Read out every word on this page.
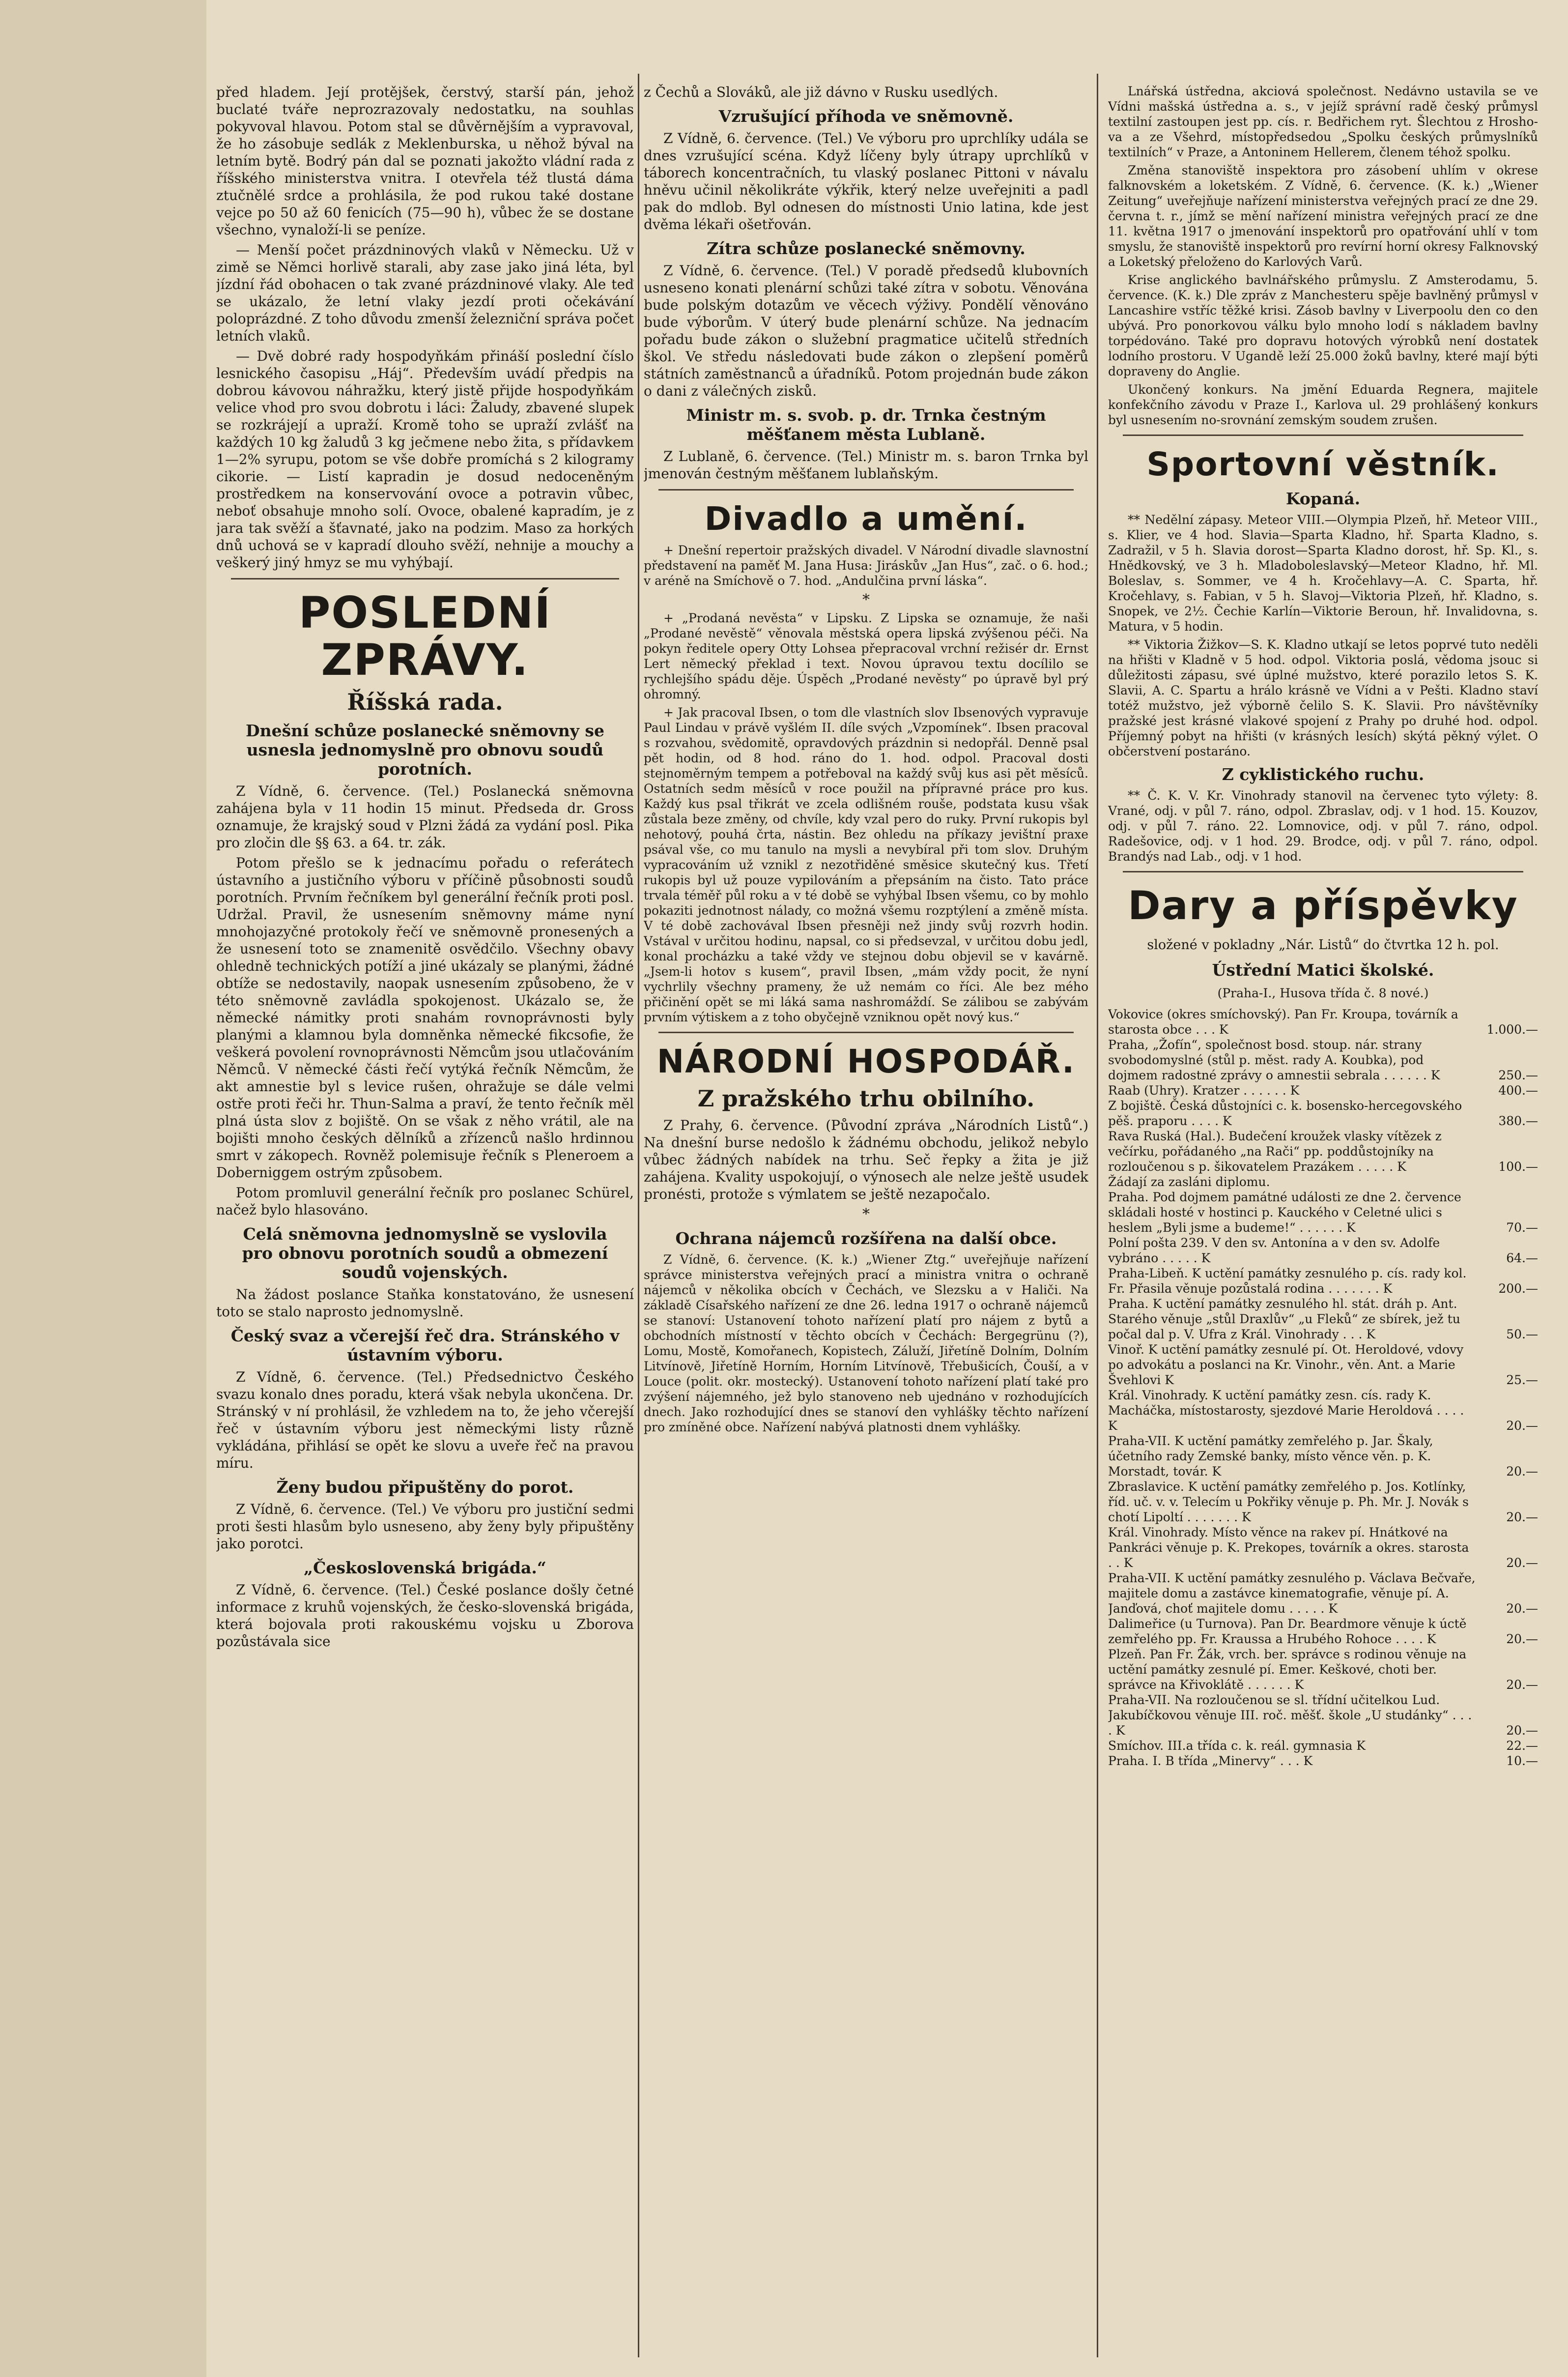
před hladem. Její protějšek, čerstvý, starší pán, jehož buclaté tváře neprozrazovaly nedostatku, na souhlas pokyvoval hlavou. Potom stal se důvěrnějším a vypravoval, že ho zásobuje sedlák z Meklenburska, u něhož býval na letním bytě. Bodrý pán dal se poznati jakožto vládní rada z říšského ministerstva vnitra. I otevřela též tlustá dáma ztučnělé srdce a prohlásila, že pod rukou také dostane vejce po 50 až 60 fenicích (75—90 h), vůbec že se dostane všechno, vynaloží-li se peníze.

— Menší počet prázdninových vlaků v Německu. Už v zimě se Němci horlivě starali, aby zase jako jiná léta, byl jízdní řád obohacen o tak zvané prázdninové vlaky. Ale teď se ukázalo, že letní vlaky jezdí proti očekávání poloprázdné. Z toho důvodu zmenší železniční správa počet letních vlaků.

— Dvě dobré rady hospodyňkám přináší poslední číslo lesnického časopisu „Háj“. Především uvádí předpis na dobrou kávovou náhražku, který jistě přijde hospodyňkám velice vhod pro svou dobrotu i láci: Žaludy, zbavené slupek se rozkrájejí a upraží. Kromě toho se upraží zvlášť na každých 10 kg žaludů 3 kg ječmene nebo žita, s přídavkem 1—2% syrupu, potom se vše dobře promíchá s 2 kilogramy cikorie. — Listí kapradin je dosud nedoceněným prostředkem na konservování ovoce a potravin vůbec, neboť obsahuje mnoho solí. Ovoce, obalené kapradím, je z jara tak svěží a šťavnaté, jako na podzim. Maso za horkých dnů uchová se v kapradí dlouho svěží, nehnije a mouchy a veškerý jiný hmyz se mu vyhýbají.

POSLEDNÍ ZPRÁVY.
Říšská rada.
Dnešní schůze poslanecké sněmovny se usnesla jednomyslně pro obnovu soudů porotních.

Z Vídně, 6. července. (Tel.) Poslanecká sněmovna zahájena byla v 11 hodin 15 minut. Předseda dr. Gross oznamuje, že krajský soud v Plzni žádá za vydání posl. Pika pro zločin dle §§ 63. a 64. tr. zák.

Potom přešlo se k jednacímu pořadu o referátech ústavního a justičního výboru v příčině působnosti soudů porotních. Prvním řečníkem byl generální řečník proti posl. Udržal. Pravil, že usnesením sněmovny máme nyní mnohojazyčné protokoly řečí ve sněmovně pronesených a že usnesení toto se znamenitě osvědčilo. Všechny obavy ohledně technických potíží a jiné ukázaly se planými, žádné obtíže se nedostavily, naopak usnesením způsobeno, že v této sněmovně zavládla spokojenost. Ukázalo se, že německé námitky proti snahám rovnoprávnosti byly planými a klamnou byla domněnka německé fikcsofie, že veškerá povolení rovnoprávnosti Němcům jsou utlačováním Němců. V německé části řečí vytýká řečník Němcům, že akt amnestie byl s levice rušen, ohražuje se dále velmi ostře proti řeči hr. Thun-Salma a praví, že tento řečník měl plná ústa slov z bojiště. On se však z něho vrátil, ale na bojišti mnoho českých dělníků a zřízenců našlo hrdinnou smrt v zákopech. Rovněž polemisuje řečník s Pleneroem a Doberniggem ostrým způsobem.

Potom promluvil generální řečník pro poslanec Schürel, načež bylo hlasováno.

Celá sněmovna jednomyslně se vyslovila pro obnovu porotních soudů a obmezení soudů vojenských.

Na žádost poslance Staňka konstatováno, že usnesení toto se stalo naprosto jednomyslně.

Český svaz a včerejší řeč dra. Stránského v ústavním výboru.

Z Vídně, 6. července. (Tel.) Předsednictvo Českého svazu konalo dnes poradu, která však nebyla ukončena. Dr. Stránský v ní prohlásil, že vzhledem na to, že jeho včerejší řeč v ústavním výboru jest německými listy různě vykládána, přihlásí se opět ke slovu a uveře řeč na pravou míru.

Ženy budou připuštěny do porot.

Z Vídně, 6. července. (Tel.) Ve výboru pro justiční sedmi proti šesti hlasům bylo usneseno, aby ženy byly připuštěny jako porotci.

„Československá brigáda.“

Z Vídně, 6. července. (Tel.) České poslance došly četné informace z kruhů vojenských, že česko-slovenská brigáda, která bojovala proti rakouskému vojsku u Zborova pozůstávala sice

z Čechů a Slováků, ale již dávno v Rusku usedlých.

Vzrušující příhoda ve sněmovně.

Z Vídně, 6. července. (Tel.) Ve výboru pro uprchlíky udála se dnes vzrušující scéna. Když líčeny byly útrapy uprchlíků v táborech koncentračních, tu vlaský poslanec Pittoni v návalu hněvu učinil několikráte výkřik, který nelze uveřejniti a padl pak do mdlob. Byl odnesen do místnosti Unio latina, kde jest dvěma lékaři ošetřován.

Zítra schůze poslanecké sněmovny.

Z Vídně, 6. července. (Tel.) V poradě předsedů klubovních usneseno konati plenární schůzi také zítra v sobotu. Věnována bude polským dotazům ve věcech výživy. Pondělí věnováno bude výborům. V úterý bude plenární schůze. Na jednacím pořadu bude zákon o služební pragmatice učitelů středních škol. Ve středu následovati bude zákon o zlepšení poměrů státních zaměstnanců a úřadníků. Potom projednán bude zákon o dani z válečných zisků.

Ministr m. s. svob. p. dr. Trnka čestným měšťanem města Lublaně.

Z Lublaně, 6. července. (Tel.) Ministr m. s. baron Trnka byl jmenován čestným měšťanem lublaňským.

Divadlo a umění.

+ Dnešní repertoir pražských divadel. V Národní divadle slavnostní představení na paměť M. Jana Husa: Jiráskův „Jan Hus“, zač. o 6. hod.; v aréně na Smíchově o 7. hod. „Andulčina první láska“.

*

+ „Prodaná nevěsta“ v Lipsku. Z Lipska se oznamuje, že naši „Prodané nevěstě“ věnovala městská opera lipská zvýšenou péči. Na pokyn ředitele opery Otty Lohsea přepracoval vrchní režisér dr. Ernst Lert německý překlad i text. Novou úpravou textu docílilo se rychlejšího spádu děje. Úspěch „Prodané nevěsty“ po úpravě byl prý ohromný.

+ Jak pracoval Ibsen, o tom dle vlastních slov Ibsenových vypravuje Paul Lindau v právě vyšlém II. díle svých „Vzpomínek“. Ibsen pracoval s rozvahou, svědomitě, opravdových prázdnin si nedopřál. Denně psal pět hodin, od 8 hod. ráno do 1. hod. odpol. Pracoval dosti stejnoměrným tempem a potřeboval na každý svůj kus asi pět měsíců. Ostatních sedm měsíců v roce použil na přípravné práce pro kus. Každý kus psal třikrát ve zcela odlišném rouše, podstata kusu však zůstala beze změny, od chvíle, kdy vzal pero do ruky. První rukopis byl nehotový, pouhá črta, nástin. Bez ohledu na příkazy jevištní praxe psával vše, co mu tanulo na mysli a nevybíral při tom slov. Druhým vypracováním už vznikl z nezotřiděné směsice skutečný kus. Třetí rukopis byl už pouze vypilováním a přepsáním na čisto. Tato práce trvala téměř půl roku a v té době se vyhýbal Ibsen všemu, co by mohlo pokaziti jednotnost nálady, co možná všemu rozptýlení a změně místa. V té době zachovával Ibsen přesněji než jindy svůj rozvrh hodin. Vstával v určitou hodinu, napsal, co si předsevzal, v určitou dobu jedl, konal procházku a také vždy ve stejnou dobu objevil se v kavárně. „Jsem-li hotov s kusem“, pravil Ibsen, „mám vždy pocit, že nyní vychrlily všechny prameny, že už nemám co říci. Ale bez mého přičinění opět se mi láká sama nashromáždí. Se zálibou se zabývám prvním výtiskem a z toho obyčejně vzniknou opět nový kus.“

NÁRODNÍ HOSPODÁŘ.
Z pražského trhu obilního.

Z Prahy, 6. července. (Původní zpráva „Národních Listů“.) Na dnešní burse nedošlo k žádnému obchodu, jelikož nebylo vůbec žádných nabídek na trhu. Seč řepky a žita je již zahájena. Kvality uspokojují, o výnosech ale nelze ještě usudek pronésti, protože s výmlatem se ještě nezapočalo.

*
Ochrana nájemců rozšířena na další obce.

Z Vídně, 6. července. (K. k.) „Wiener Ztg.“ uveřejňuje nařízení správce ministerstva veřejných prací a ministra vnitra o ochraně nájemců v několika obcích v Čechách, ve Slezsku a v Haliči. Na základě Císařského nařízení ze dne 26. ledna 1917 o ochraně nájemců se stanoví: Ustanovení tohoto nařízení platí pro nájem z bytů a obchodních místností v těchto obcích v Čechách: Bergegrünu (?), Lomu, Mostě, Komořanech, Kopistech, Záluží, Jiřetíně Dolním, Dolním Litvínově, Jiřetíně Horním, Horním Litvínově, Třebušicích, Čouší, a v Louce (polit. okr. mostecký). Ustanovení tohoto nařízení platí také pro zvýšení nájemného, jež bylo stanoveno neb ujednáno v rozhodujících dnech. Jako rozhodující dnes se stanoví den vyhlášky těchto nařízení pro zmíněné obce. Nařízení nabývá platnosti dnem vyhlášky.

Lnářská ústředna, akciová společnost. Nedávno ustavila se ve Vídni mašská ústředna a. s., v jejíž správní radě český průmysl textilní zastoupen jest pp. cís. r. Bedřichem ryt. Šlechtou z Hrosho-va a ze Všehrd, místopředsedou „Spolku českých průmyslníků textilních“ v Praze, a Antoninem Hellerem, členem téhož spolku.

Změna stanoviště inspektora pro zásobení uhlím v okrese falknovském a loketském. Z Vídně, 6. července. (K. k.) „Wiener Zeitung“ uveřejňuje nařízení ministerstva veřejných prací ze dne 29. června t. r., jímž se mění nařízení ministra veřejných prací ze dne 11. května 1917 o jmenování inspektorů pro opatřování uhlí v tom smyslu, že stanoviště inspektorů pro revírní horní okresy Falknovský a Loketský přeloženo do Karlových Varů.

Krise anglického bavlnářského průmyslu. Z Amsterodamu, 5. července. (K. k.) Dle zpráv z Manchesteru spěje bavlněný průmysl v Lancashire vstříc těžké krisi. Zásob bavlny v Liverpoolu den co den ubývá. Pro ponorkovou válku bylo mnoho lodí s nákladem bavlny torpédováno. Také pro dopravu hotových výrobků není dostatek lodního prostoru. V Ugandě leží 25.000 žoků bavlny, které mají býti dopraveny do Anglie.

Ukončený konkurs. Na jmění Eduarda Regnera, majitele konfekčního závodu v Praze I., Karlova ul. 29 prohlášený konkurs byl usnesením no-srovnání zemským soudem zrušen.

Sportovní věstník.
Kopaná.

** Nedělní zápasy. Meteor VIII.—Olympia Plzeň, hř. Meteor VIII., s. Klier, ve 4 hod. Slavia—Sparta Kladno, hř. Sparta Kladno, s. Zadražil, v 5 h. Slavia dorost—Sparta Kladno dorost, hř. Sp. Kl., s. Hnědkovský, ve 3 h. Mladoboleslavský—Meteor Kladno, hř. Ml. Boleslav, s. Sommer, ve 4 h. Kročehlavy—A. C. Sparta, hř. Kročehlavy, s. Fabian, v 5 h. Slavoj—Viktoria Plzeň, hř. Kladno, s. Snopek, ve 2½. Čechie Karlín—Viktorie Beroun, hř. Invalidovna, s. Matura, v 5 hodin.

** Viktoria Žižkov—S. K. Kladno utkají se letos poprvé tuto neděli na hřišti v Kladně v 5 hod. odpol. Viktoria poslá, vědoma jsouc si důležitosti zápasu, své úplné mužstvo, které porazilo letos S. K. Slavii, A. C. Spartu a hrálo krásně ve Vídni a v Pešti. Kladno staví totéž mužstvo, jež výborně čelilo S. K. Slavii. Pro návštěvníky pražské jest krásné vlakové spojení z Prahy po druhé hod. odpol. Příjemný pobyt na hřišti (v krásných lesích) skýtá pěkný výlet. O občerstvení postaráno.

Z cyklistického ruchu.

** Č. K. V. Kr. Vinohrady stanovil na červenec tyto výlety: 8. Vrané, odj. v půl 7. ráno, odpol. Zbraslav, odj. v 1 hod. 15. Kouzov, odj. v půl 7. ráno. 22. Lomnovice, odj. v půl 7. ráno, odpol. Radešovice, odj. v 1 hod. 29. Brodce, odj. v půl 7. ráno, odpol. Brandýs nad Lab., odj. v 1 hod.

Dary a příspěvky
složené v pokladny „Nár. Listů“ do čtvrtka 12 h. pol.
Ústřední Matici školské.
(Praha-I., Husova třída č. 8 nové.)
Vokovice (okres smíchovský). Pan Fr. Kroupa, továrník a starosta obce . . . K	1.000.—
Praha, „Žofín“, společnost bosd. stoup. nár. strany svobodomyslné (stůl p. měst. rady A. Koubka), pod dojmem radostné zprávy o amnestii sebrala . . . . . . K	250.—
Raab (Uhry). Kratzer . . . . . . K	400.—
Z bojiště. Česká důstojníci c. k. bosensko-hercegovského pěš. praporu . . . . K	380.—
Rava Ruská (Hal.). Budečení kroužek vlasky vítězek z večírku, pořádaného „na Rači“ pp. poddůstojníky na rozloučenou s p. šikovatelem Prazákem . . . . . K	100.—
Žádají za zasláni diplomu.	
Praha. Pod dojmem památné události ze dne 2. července skládali hosté v hostinci p. Kauckého v Celetné ulici s heslem „Byli jsme a budeme!“ . . . . . . K	70.—
Polní pošta 239. V den sv. Antonína a v den sv. Adolfe vybráno . . . . . K	64.—
Praha-Libeň. K uctění památky zesnulého p. cís. rady kol. Fr. Přasila věnuje pozůstalá rodina . . . . . . . K	200.—
Praha. K uctění památky zesnulého hl. stát. dráh p. Ant. Starého věnuje „stůl Draxlův“ „u Fleků“ ze sbírek, jež tu počal dal p. V. Ufra z Král. Vinohrady . . . K	50.—
Vinoř. K uctění památky zesnulé pí. Ot. Heroldové, vdovy po advokátu a poslanci na Kr. Vinohr., věn. Ant. a Marie Švehlovi K	25.—
Král. Vinohrady. K uctění památky zesn. cís. rady K. Macháčka, místostarosty, sjezdové Marie Heroldová . . . . K	20.—
Praha-VII. K uctění památky zemřelého p. Jar. Škaly, účetního rady Zemské banky, místo věnce věn. p. K. Morstadt, továr. K	20.—
Zbraslavice. K uctění památky zemřelého p. Jos. Kotlínky, říd. uč. v. v. Telecím u Pokřiky věnuje p. Ph. Mr. J. Novák s chotí Lipoltí . . . . . . . K	20.—
Král. Vinohrady. Místo věnce na rakev pí. Hnátkové na Pankráci věnuje p. K. Prekopes, továrník a okres. starosta . . K	20.—
Praha-VII. K uctění památky zesnulého p. Václava Bečvaře, majitele domu a zastávce kinematografie, věnuje pí. A. Janďová, choť majitele domu . . . . . K	20.—
Dalimeřice (u Turnova). Pan Dr. Beardmore věnuje k úctě zemřelého pp. Fr. Kraussa a Hrubého Rohoce . . . . K	20.—
Plzeň. Pan Fr. Žák, vrch. ber. správce s rodinou věnuje na uctění památky zesnulé pí. Emer. Keškové, choti ber. správce na Křivoklátě . . . . . . K	20.—
Praha-VII. Na rozloučenou se sl. třídní učitelkou Lud. Jakubíčkovou věnuje III. roč. měšť. škole „U studánky“ . . . . K	20.—
Smíchov. III.a třída c. k. reál. gymnasia K	22.—
Praha. I. B třída „Minervy“ . . . K	10.—
